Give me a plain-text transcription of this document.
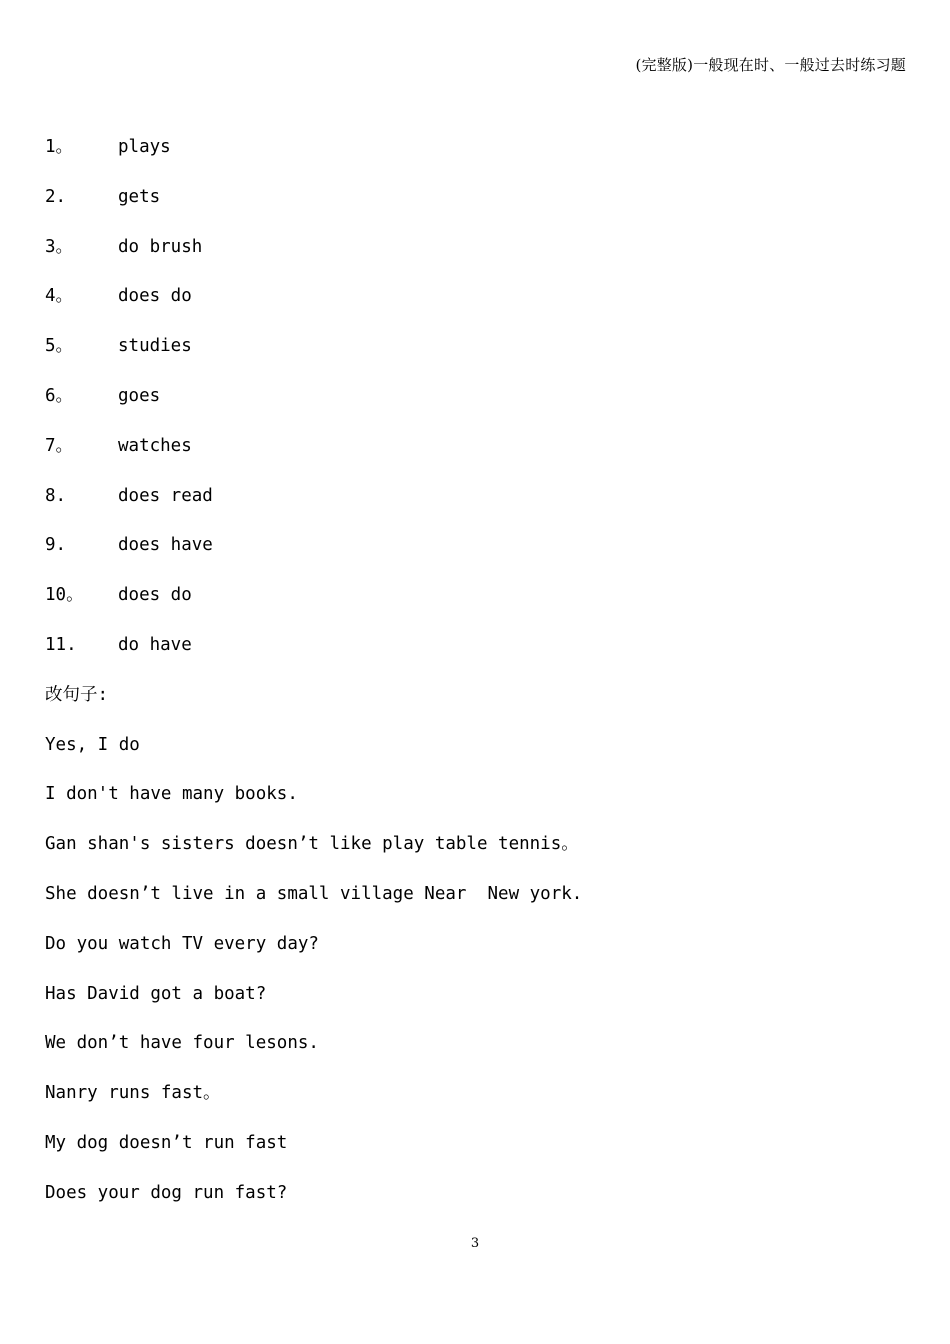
(完整版)一般现在时、一般过去时练习题
1。	plays
2.	gets
3。	do brush
4。	does do
5。	studies
6。	goes
7。	watches
8.	does read
9.	does have
10。 does do
11. do have
改句子:
Yes, I do
I don't have many books.
Gan shan's sisters doesn’t like play table tennis。
She doesn’t live in a small village Near  New york.
Do you watch TV every day?
Has David got a boat?
We don’t have four lesons.
Nanry runs fast。
My dog doesn’t run fast
Does your dog run fast?
3
